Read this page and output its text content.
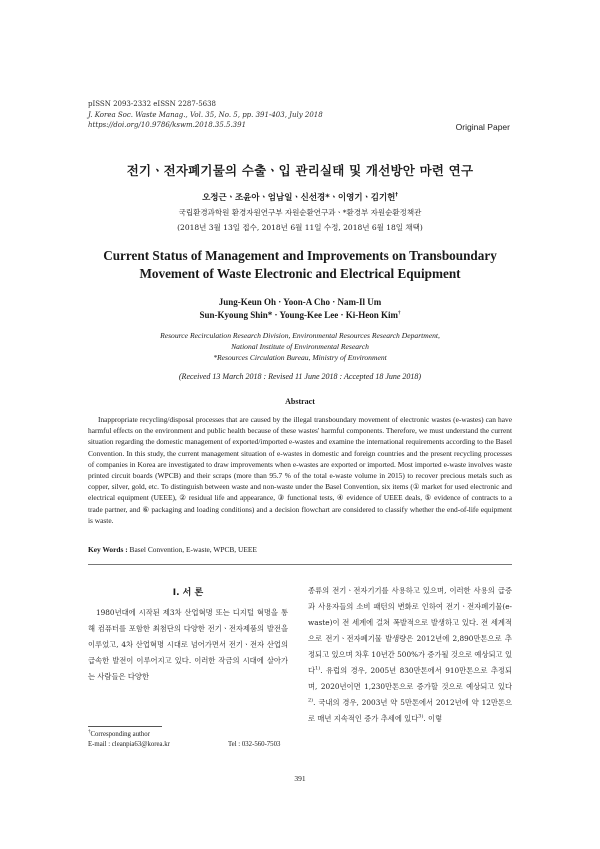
pISSN 2093-2332 eISSN 2287-5638
J. Korea Soc. Waste Manag., Vol. 35, No. 5, pp. 391-403, July 2018
https://doi.org/10.9786/kswm.2018.35.5.391	Original Paper
전기ㆍ전자폐기물의 수출ㆍ입 관리실태 및 개선방안 마련 연구
오정근ㆍ조윤아ㆍ엄남일ㆍ신선경*ㆍ이영기ㆍ김기헌†
국립환경과학원 환경자원연구부 자원순환연구과ㆍ*환경부 자원순환정책관
(2018년 3월 13일 접수, 2018년 6월 11일 수정, 2018년 6월 18일 채택)
Current Status of Management and Improvements on Transboundary
Movement of Waste Electronic and Electrical Equipment
Jung-Keun Oh · Yoon-A Cho · Nam-Il Um
Sun-Kyoung Shin* · Young-Kee Lee · Ki-Heon Kim†
Resource Recirculation Research Division, Environmental Resources Research Department,
National Institute of Environmental Research
*Resources Circulation Bureau, Ministry of Environment
(Received 13 March 2018 : Revised 11 June 2018 : Accepted 18 June 2018)
Abstract

Inappropriate recycling/disposal processes that are caused by the illegal transboundary movement of electronic wastes (e-wastes) can have harmful effects on the environment and public health because of these wastes' harmful components. Therefore, we must understand the current situation regarding the domestic management of exported/imported e-wastes and examine the international requirements according to the Basel Convention. In this study, the current management situation of e-wastes in domestic and foreign countries and the present recycling processes of companies in Korea are investigated to draw improvements when e-wastes are exported or imported. Most imported e-waste involves waste printed circuit boards (WPCB) and their scraps (more than 95.7 % of the total e-waste volume in 2015) to recover precious metals such as copper, silver, gold, etc. To distinguish between waste and non-waste under the Basel Convention, six items (① market for used electronic and electrical equipment (UEEE), ② residual life and appearance, ③ functional tests, ④ evidence of UEEE deals, ⑤ evidence of contracts to a trade partner, and ⑥ packaging and loading conditions) and a decision flowchart are considered to classify whether the end-of-life equipment is waste.

Key Words : Basel Convention, E-waste, WPCB, UEEE
I. 서 론

1980년대에 시작된 제3차 산업혁명 또는 디지털 혁명을 통해 컴퓨터를 포함한 최첨단의 다양한 전기ㆍ전자제품의 발전을 이루었고, 4차 산업혁명 시대로 넘어가면서 전기ㆍ전자 산업의 급속한 발전이 이루어지고 있다. 이러한 작금의 시대에 살아가는 사람들은 다양한

종류의 전기ㆍ전자기기를 사용하고 있으며, 이러한 사용의 급증과 사용자들의 소비 패턴의 변화로 인하여 전기ㆍ전자폐기물(e-waste)이 전 세계에 걸쳐 폭발적으로 발생하고 있다. 전 세계적으로 전기ㆍ전자폐기물 발생량은 2012년에 2,890만톤으로 추정되고 있으며 차후 10년간 500%가 증가될 것으로 예상되고 있다$^{1)}$. 유럽의 경우, 2005년 830만톤에서 910만톤으로 추정되며, 2020년이면 1,230만톤으로 증가할 것으로 예상되고 있다$^{2)}$. 국내의 경우, 2003년 약 5만톤에서 2012년에 약 12만톤으로 매년 지속적인 증가 추세에 있다$^{3)}$. 이렇

†Corresponding author
E-mail : cleanpia63@korea.kr	Tel : 032-560-7503
391
